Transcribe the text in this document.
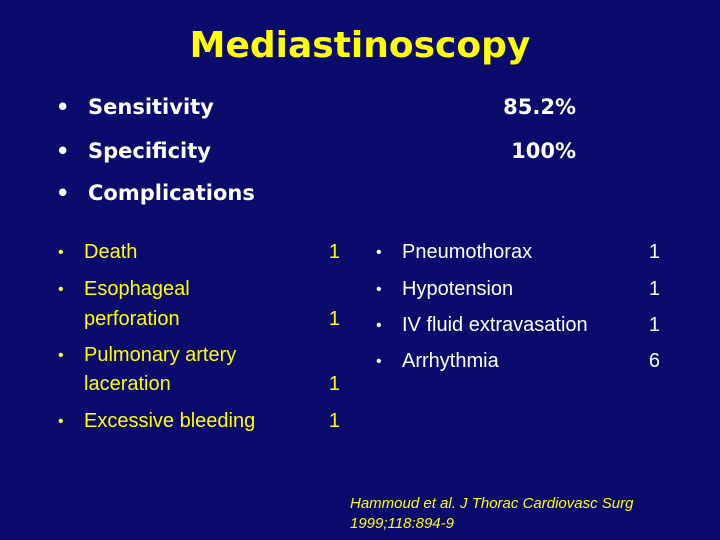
Mediastinoscopy
• Sensitivity	85.2%
• Specificity	100%
• Complications
• Death	1
• Esophageal
perforation	1
• Pulmonary artery
laceration	1
• Excessive bleeding	1
• Pneumothorax	1
• Hypotension	1
• IV fluid extravasation	1
• Arrhythmia	6
Hammoud et al. J Thorac Cardiovasc Surg
1999;118:894-9
